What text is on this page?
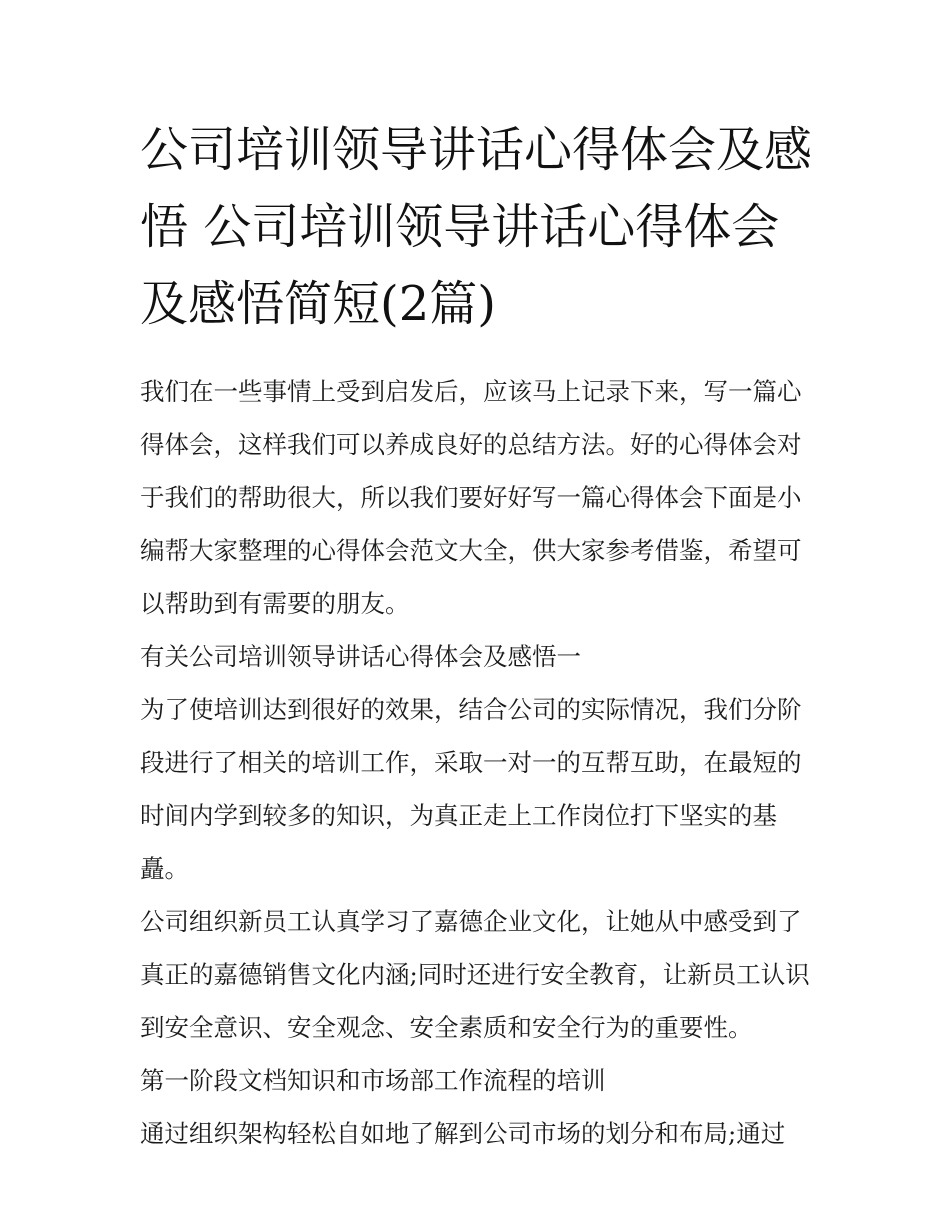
公司培训领导讲话心得体会及感悟 公司培训领导讲话心得体会及感悟简短(2篇)

我们在一些事情上受到启发后，应该马上记录下来，写一篇心得体会，这样我们可以养成良好的总结方法。好的心得体会对于我们的帮助很大，所以我们要好好写一篇心得体会下面是小编帮大家整理的心得体会范文大全，供大家参考借鉴，希望可以帮助到有需要的朋友。

有关公司培训领导讲话心得体会及感悟一

为了使培训达到很好的效果，结合公司的实际情况，我们分阶段进行了相关的培训工作，采取一对一的互帮互助，在最短的时间内学到较多的知识，为真正走上工作岗位打下坚实的基矗。

公司组织新员工认真学习了嘉德企业文化，让她从中感受到了真正的嘉德销售文化内涵;同时还进行安全教育，让新员工认识到安全意识、安全观念、安全素质和安全行为的重要性。

第一阶段文档知识和市场部工作流程的培训

通过组织架构轻松自如地了解到公司市场的划分和布局;通过
